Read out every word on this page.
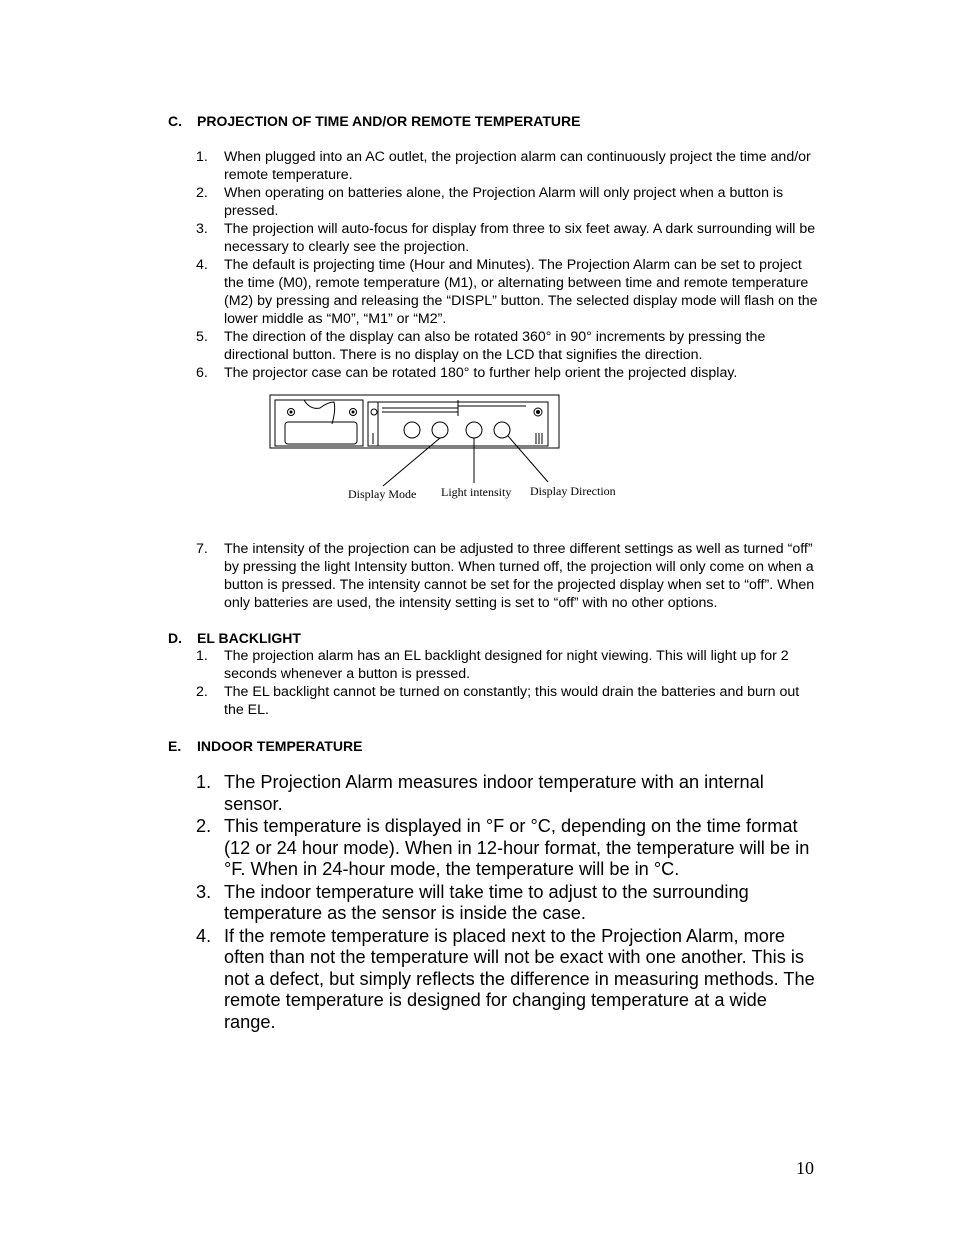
C. PROJECTION OF TIME AND/OR REMOTE TEMPERATURE
1. When plugged into an AC outlet, the projection alarm can continuously project the time and/or remote temperature.
2. When operating on batteries alone, the Projection Alarm will only project when a button is pressed.
3. The projection will auto-focus for display from three to six feet away. A dark surrounding will be necessary to clearly see the projection.
4. The default is projecting time (Hour and Minutes). The Projection Alarm can be set to project the time (M0), remote temperature (M1), or alternating between time and remote temperature (M2) by pressing and releasing the “DISPL” button. The selected display mode will flash on the lower middle as “M0”, “M1” or “M2”.
5. The direction of the display can also be rotated 360° in 90° increments by pressing the directional button. There is no display on the LCD that signifies the direction.
6. The projector case can be rotated 180° to further help orient the projected display.
Display Mode Light intensity Display Direction
7. The intensity of the projection can be adjusted to three different settings as well as turned “off” by pressing the light Intensity button. When turned off, the projection will only come on when a button is pressed. The intensity cannot be set for the projected display when set to “off”. When only batteries are used, the intensity setting is set to “off” with no other options.
D. EL BACKLIGHT
1. The projection alarm has an EL backlight designed for night viewing. This will light up for 2 seconds whenever a button is pressed.
2. The EL backlight cannot be turned on constantly; this would drain the batteries and burn out the EL.
E. INDOOR TEMPERATURE
1. The Projection Alarm measures indoor temperature with an internal sensor.
2. This temperature is displayed in °F or °C, depending on the time format (12 or 24 hour mode). When in 12-hour format, the temperature will be in °F. When in 24-hour mode, the temperature will be in °C.
3. The indoor temperature will take time to adjust to the surrounding temperature as the sensor is inside the case.
4. If the remote temperature is placed next to the Projection Alarm, more often than not the temperature will not be exact with one another. This is not a defect, but simply reflects the difference in measuring methods. The remote temperature is designed for changing temperature at a wide range.
10
